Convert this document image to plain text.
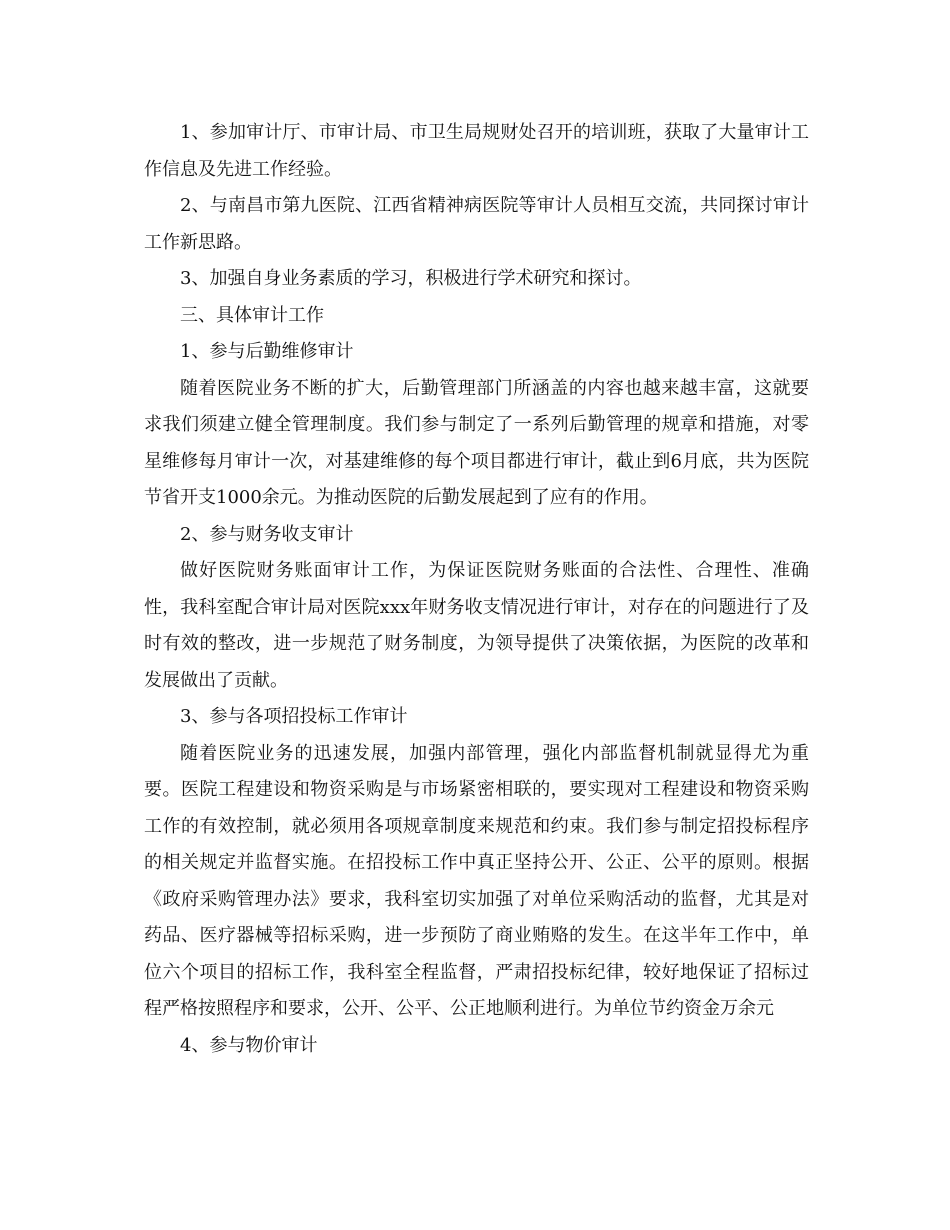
1、参加审计厅、市审计局、市卫生局规财处召开的培训班，获取了大量审计工作信息及先进工作经验。

2、与南昌市第九医院、江西省精神病医院等审计人员相互交流，共同探讨审计工作新思路。

3、加强自身业务素质的学习，积极进行学术研究和探讨。

三、具体审计工作

1、参与后勤维修审计

随着医院业务不断的扩大，后勤管理部门所涵盖的内容也越来越丰富，这就要求我们须建立健全管理制度。我们参与制定了一系列后勤管理的规章和措施，对零星维修每月审计一次，对基建维修的每个项目都进行审计，截止到6月底，共为医院节省开支1000余元。为推动医院的后勤发展起到了应有的作用。

2、参与财务收支审计

做好医院财务账面审计工作，为保证医院财务账面的合法性、合理性、准确性，我科室配合审计局对医院xxx年财务收支情况进行审计，对存在的问题进行了及时有效的整改，进一步规范了财务制度，为领导提供了决策依据，为医院的改革和发展做出了贡献。

3、参与各项招投标工作审计

随着医院业务的迅速发展，加强内部管理，强化内部监督机制就显得尤为重要。医院工程建设和物资采购是与市场紧密相联的，要实现对工程建设和物资采购工作的有效控制，就必须用各项规章制度来规范和约束。我们参与制定招投标程序的相关规定并监督实施。在招投标工作中真正坚持公开、公正、公平的原则。根据《政府采购管理办法》要求，我科室切实加强了对单位采购活动的监督，尤其是对药品、医疗器械等招标采购，进一步预防了商业贿赂的发生。在这半年工作中，单位六个项目的招标工作，我科室全程监督，严肃招投标纪律，较好地保证了招标过程严格按照程序和要求，公开、公平、公正地顺利进行。为单位节约资金万余元

4、参与物价审计
